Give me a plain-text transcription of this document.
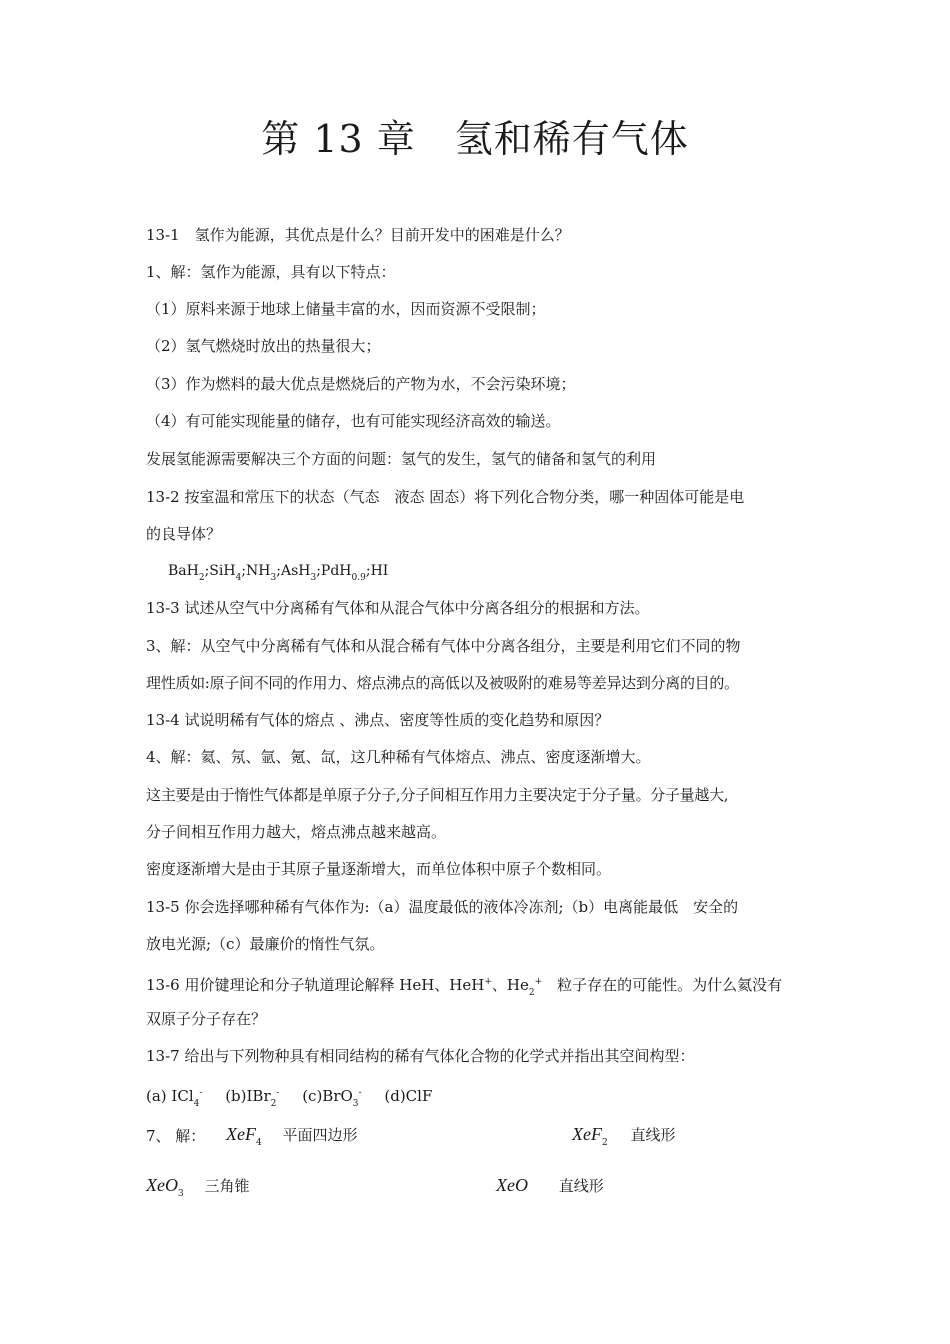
第 13 章　氢和稀有气体
13-1　氢作为能源，其优点是什么？目前开发中的困难是什么？
1、解：氢作为能源，具有以下特点：
（1）原料来源于地球上储量丰富的水，因而资源不受限制；
（2）氢气燃烧时放出的热量很大；
（3）作为燃料的最大优点是燃烧后的产物为水，不会污染环境；
（4）有可能实现能量的储存，也有可能实现经济高效的输送。
发展氢能源需要解决三个方面的问题：氢气的发生，氢气的储备和氢气的利用
13-2 按室温和常压下的状态（气态　液态 固态）将下列化合物分类，哪一种固体可能是电
的良导体？
$BaH_2;SiH_4;NH_3;AsH_3;PdH_{0.9};HI$
13-3 试述从空气中分离稀有气体和从混合气体中分离各组分的根据和方法。
3、解：从空气中分离稀有气体和从混合稀有气体中分离各组分，主要是利用它们不同的物
理性质如:原子间不同的作用力、熔点沸点的高低以及被吸附的难易等差异达到分离的目的。
13-4 试说明稀有气体的熔点 、沸点、密度等性质的变化趋势和原因？
4、解：氦、氖、氩、氪、氙，这几种稀有气体熔点、沸点、密度逐渐增大。
这主要是由于惰性气体都是单原子分子,分子间相互作用力主要决定于分子量。分子量越大,
分子间相互作用力越大，熔点沸点越来越高。
密度逐渐增大是由于其原子量逐渐增大，而单位体积中原子个数相同。
13-5 你会选择哪种稀有气体作为:（a）温度最低的液体冷冻剂;（b）电离能最低　安全的
放电光源;（c）最廉价的惰性气氛。
13-6 用价键理论和分子轨道理论解释 HeH、HeH+、$He_2^+$　粒子存在的可能性。为什么氦没有
双原子分子存在？
13-7 给出与下列物种具有相同结构的稀有气体化合物的化学式并指出其空间构型：
(a) ICl$_4$- (b)IBr$_2$- (c)BrO$_3$- (d)ClF
7、 解：	XeF$_4$ 平面四边形	XeF$_2$ 直线形
XeO$_3$ 三角锥	XeO 直线形
